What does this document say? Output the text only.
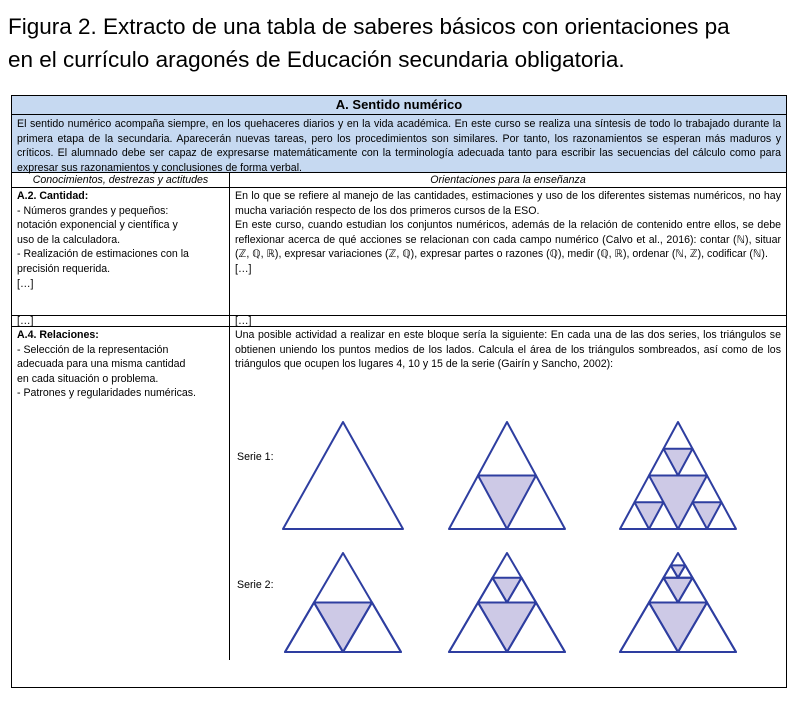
Figura 2. Extracto de una tabla de saberes básicos con orientaciones pa
en el currículo aragonés de Educación secundaria obligatoria.
A. Sentido numérico
El sentido numérico acompaña siempre, en los quehaceres diarios y en la vida académica. En este curso se realiza una síntesis de todo lo trabajado durante la primera etapa de la secundaria. Aparecerán nuevas tareas, pero los procedimientos son similares. Por tanto, los razonamientos se esperan más maduros y críticos. El alumnado debe ser capaz de expresarse matemáticamente con la terminología adecuada tanto para escribir las secuencias del cálculo como para expresar sus razonamientos y conclusiones de forma verbal.
Conocimientos, destrezas y actitudes	Orientaciones para la enseñanza
A.2. Cantidad:
- Números grandes y pequeños:
notación exponencial y científica y
uso de la calculadora.
- Realización de estimaciones con la
precisión requerida.
[…]
En lo que se refiere al manejo de las cantidades, estimaciones y uso de los diferentes sistemas numéricos, no hay mucha variación respecto de los dos primeros cursos de la ESO.
En este curso, cuando estudian los conjuntos numéricos, además de la relación de contenido entre ellos, se debe reflexionar acerca de qué acciones se relacionan con cada campo numérico (Calvo et al., 2016): contar (ℕ), situar (ℤ, ℚ, ℝ), expresar variaciones (ℤ, ℚ), expresar partes o razones (ℚ), medir (ℚ, ℝ), ordenar (ℕ, ℤ), codificar (ℕ).
[…]
[…]	[…]
A.4. Relaciones:
- Selección de la representación
adecuada para una misma cantidad
en cada situación o problema.
- Patrones y regularidades numéricas.
Una posible actividad a realizar en este bloque sería la siguiente: En cada una de las dos series, los triángulos se obtienen uniendo los puntos medios de los lados. Calcula el área de los triángulos sombreados, así como de los triángulos que ocupen los lugares 4, 10 y 15 de la serie (Gairín y Sancho, 2002):
Serie 1:
Serie 2:
